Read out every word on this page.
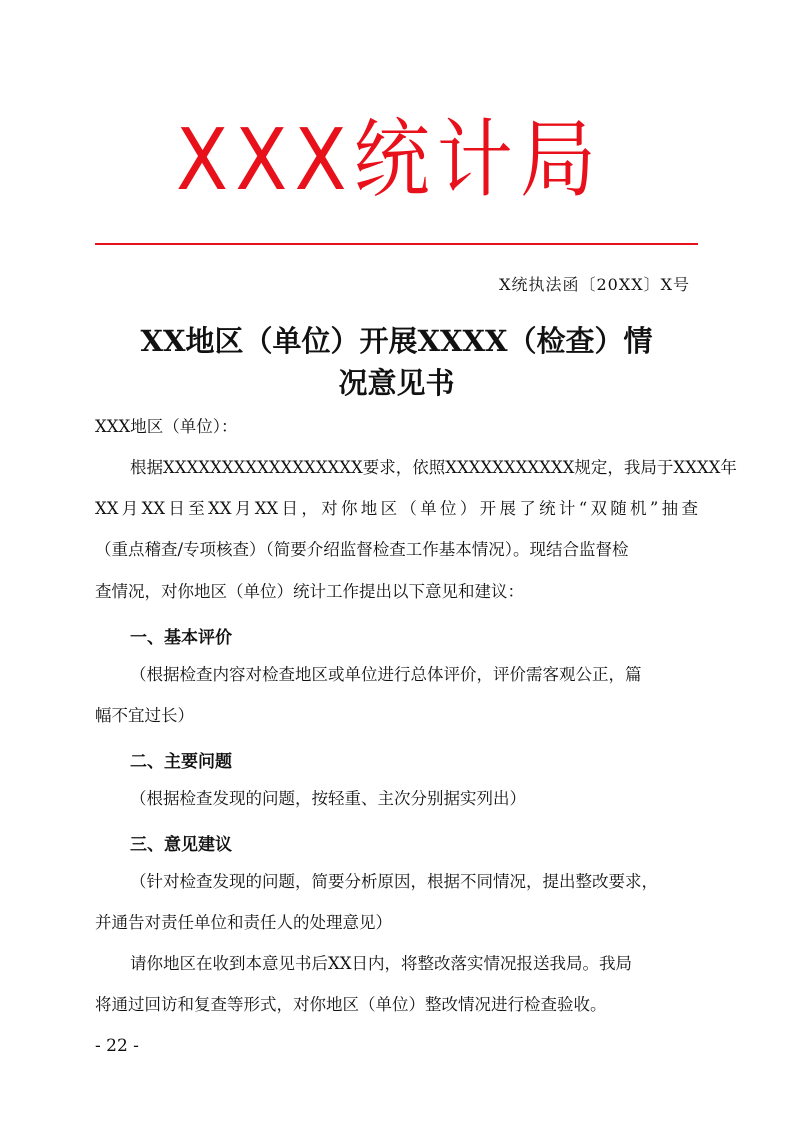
X X X 统 计 局
X统执法函〔20XX〕X号
XX地区（单位）开展XXXX（检查）情
况意见书
XXX地区（单位）：
根据XXXXXXXXXXXXXXXXX要求，依照XXXXXXXXXXX规定，我局于XXXX年
XX月XX日至XX月XX日，对你地区（单位）开展了统计“双随机”抽查
（重点稽查/专项核查）（简要介绍监督检查工作基本情况）。现结合监督检
查情况，对你地区（单位）统计工作提出以下意见和建议：
一、基本评价
（根据检查内容对检查地区或单位进行总体评价，评价需客观公正，篇
幅不宜过长）
二、主要问题
（根据检查发现的问题，按轻重、主次分别据实列出）
三、意见建议
（针对检查发现的问题，简要分析原因，根据不同情况，提出整改要求，
并通告对责任单位和责任人的处理意见）
请你地区在收到本意见书后XX日内，将整改落实情况报送我局。我局
将通过回访和复查等形式，对你地区（单位）整改情况进行检查验收。
- 22 -
